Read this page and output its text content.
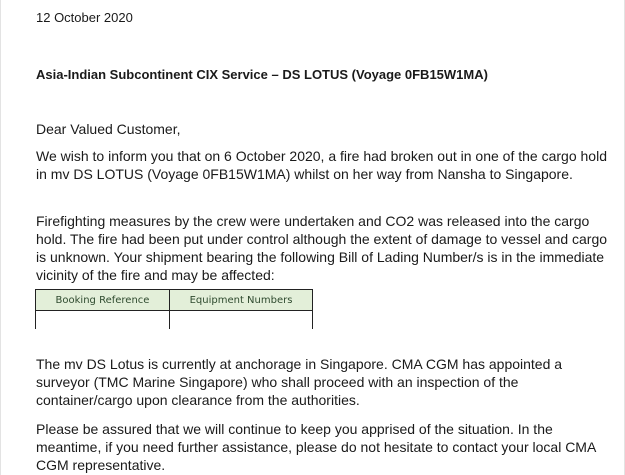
12 October 2020
Asia-Indian Subcontinent CIX Service – DS LOTUS (Voyage 0FB15W1MA)
Dear Valued Customer,
We wish to inform you that on 6 October 2020, a fire had broken out in one of the cargo hold in mv DS LOTUS (Voyage 0FB15W1MA) whilst on her way from Nansha to Singapore.
Firefighting measures by the crew were undertaken and CO2 was released into the cargo hold. The fire had been put under control although the extent of damage to vessel and cargo is unknown. Your shipment bearing the following Bill of Lading Number/s is in the immediate vicinity of the fire and may be affected:
Booking Reference	Equipment Numbers
The mv DS Lotus is currently at anchorage in Singapore. CMA CGM has appointed a surveyor (TMC Marine Singapore) who shall proceed with an inspection of the container/cargo upon clearance from the authorities.
Please be assured that we will continue to keep you apprised of the situation. In the meantime, if you need further assistance, please do not hesitate to contact your local CMA CGM representative.
